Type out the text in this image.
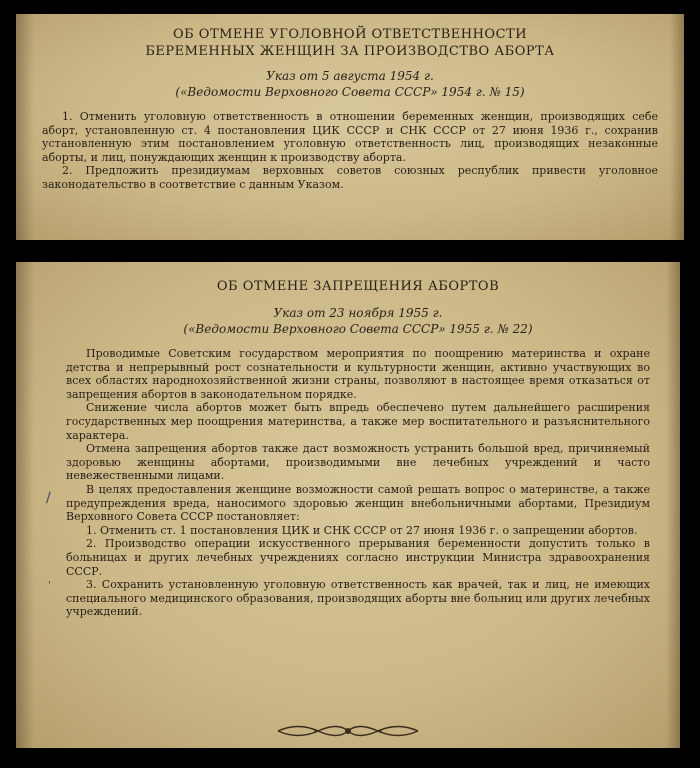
ОБ ОТМЕНЕ УГОЛОВНОЙ ОТВЕТСТВЕННОСТИ

БЕРЕМЕННЫХ ЖЕНЩИН ЗА ПРОИЗВОДСТВО АБОРТА

Указ от 5 августа 1954 г.

(«Ведомости Верховного Совета СССР» 1954 г. № 15)

1. Отменить уголовную ответственность в отношении беременных женщин, производящих себе аборт, установленную ст. 4 постановления ЦИК СССР и СНК СССР от 27 июня 1936 г., сохранив установленную этим постановлением уголовную ответственность лиц, производящих незаконные аборты, и лиц, понуждающих женщин к производству аборта.

2. Предложить президиумам верховных советов союзных республик привести уголовное законодательство в соответствие с данным Указом.

ОБ ОТМЕНЕ ЗАПРЕЩЕНИЯ АБОРТОВ

Указ от 23 ноября 1955 г.

(«Ведомости Верховного Совета СССР» 1955 г. № 22)

Проводимые Советским государством мероприятия по поощрению материнства и охране детства и непрерывный рост сознательности и культурности женщин, активно участвующих во всех областях народнохозяйственной жизни страны, позволяют в настоящее время отказаться от запрещения абортов в законодательном порядке.

Снижение числа абортов может быть впредь обеспечено путем дальнейшего расширения государственных мер поощрения материнства, а также мер воспитательного и разъяснительного характера.

Отмена запрещения абортов также даст возможность устранить большой вред, причиняемый здоровью женщины абортами, производимыми вне лечебных учреждений и часто невежественными лицами.

В целях предоставления женщине возможности самой решать вопрос о материнстве, а также предупреждения вреда, наносимого здоровью женщин внебольничными абортами, Президиум Верховного Совета СССР постановляет:

1. Отменить ст. 1 постановления ЦИК и СНК СССР от 27 июня 1936 г. о запрещении абортов.

2. Производство операции искусственного прерывания беременности допустить только в больницах и других лечебных учреждениях согласно инструкции Министра здравоохранения СССР.

3. Сохранить установленную уголовную ответственность как врачей, так и лиц, не имеющих специального медицинского образования, производящих аборты вне больниц или других лечебных учреждений.

/
'
